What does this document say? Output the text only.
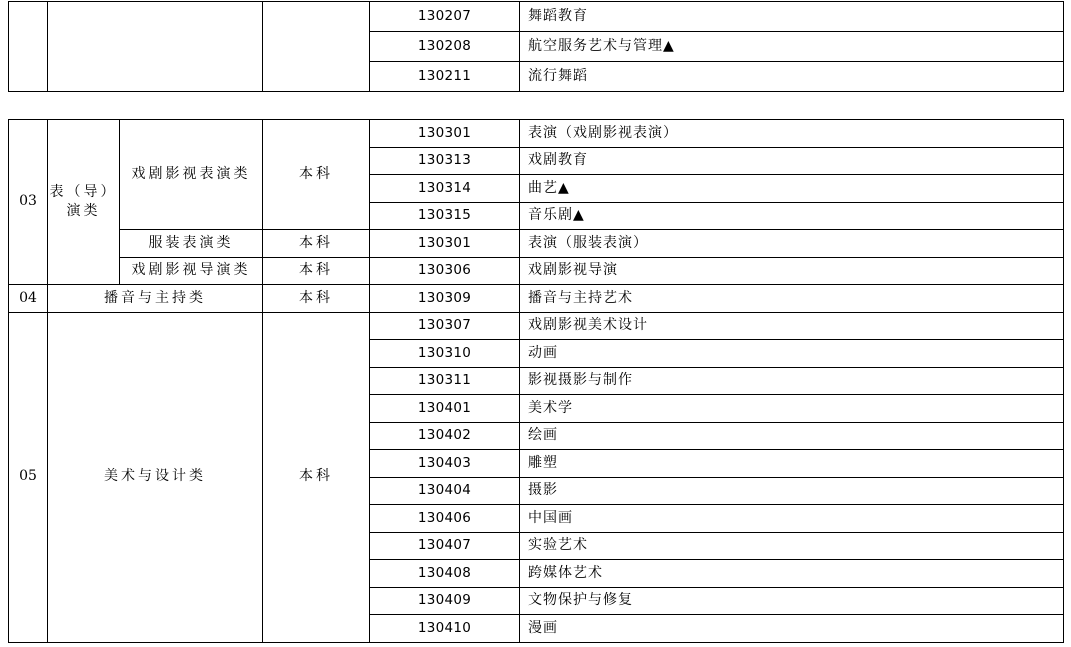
			130207	舞蹈教育
			130208	航空服务艺术与管理▲
			130211	流行舞蹈
03	表（导）演类	戏剧影视表演类	本科	130301	表演（戏剧影视表演）
				130313	戏剧教育
				130314	曲艺▲
				130315	音乐剧▲
		服装表演类	本科	130301	表演（服装表演）
		戏剧影视导演类	本科	130306	戏剧影视导演
04	播音与主持类		本科	130309	播音与主持艺术
05	美术与设计类		本科	130307	戏剧影视美术设计
				130310	动画
				130311	影视摄影与制作
				130401	美术学
				130402	绘画
				130403	雕塑
				130404	摄影
				130406	中国画
				130407	实验艺术
				130408	跨媒体艺术
				130409	文物保护与修复
				130410	漫画
